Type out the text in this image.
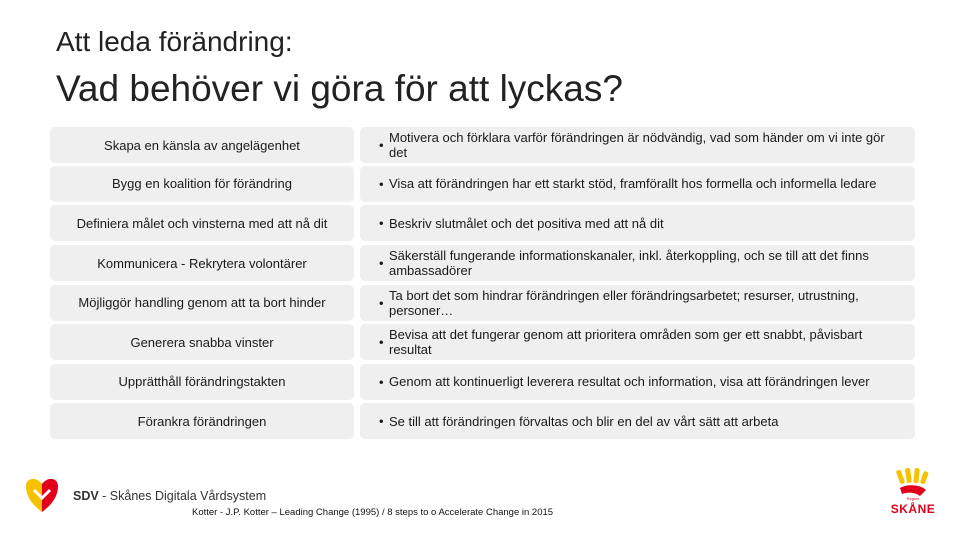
Att leda förändring:
Vad behöver vi göra för att lyckas?
Skapa en känsla av angelägenhet	• Motivera och förklara varför förändringen är nödvändig, vad som händer om vi inte gör det
Bygg en koalition för förändring	• Visa att förändringen har ett starkt stöd, framförallt hos formella och informella ledare
Definiera målet och vinsterna med att nå dit	• Beskriv slutmålet och det positiva med att nå dit
Kommunicera - Rekrytera volontärer	• Säkerställ fungerande informationskanaler, inkl. återkoppling, och se till att det finns ambassadörer
Möjliggör handling genom att ta bort hinder	• Ta bort det som hindrar förändringen eller förändringsarbetet; resurser, utrustning, personer…
Generera snabba vinster	• Bevisa att det fungerar genom att prioritera områden som ger ett snabbt, påvisbart resultat
Upprätthåll förändringstakten	• Genom att kontinuerligt leverera resultat och information, visa att förändringen lever
Förankra förändringen	• Se till att förändringen förvaltas och blir en del av vårt sätt att arbeta
SDV - Skånes Digitala Vårdsystem
Kotter - J.P. Kotter – Leading Change (1995) / 8 steps to o Accelerate Change in 2015
Region
SKÅNE
